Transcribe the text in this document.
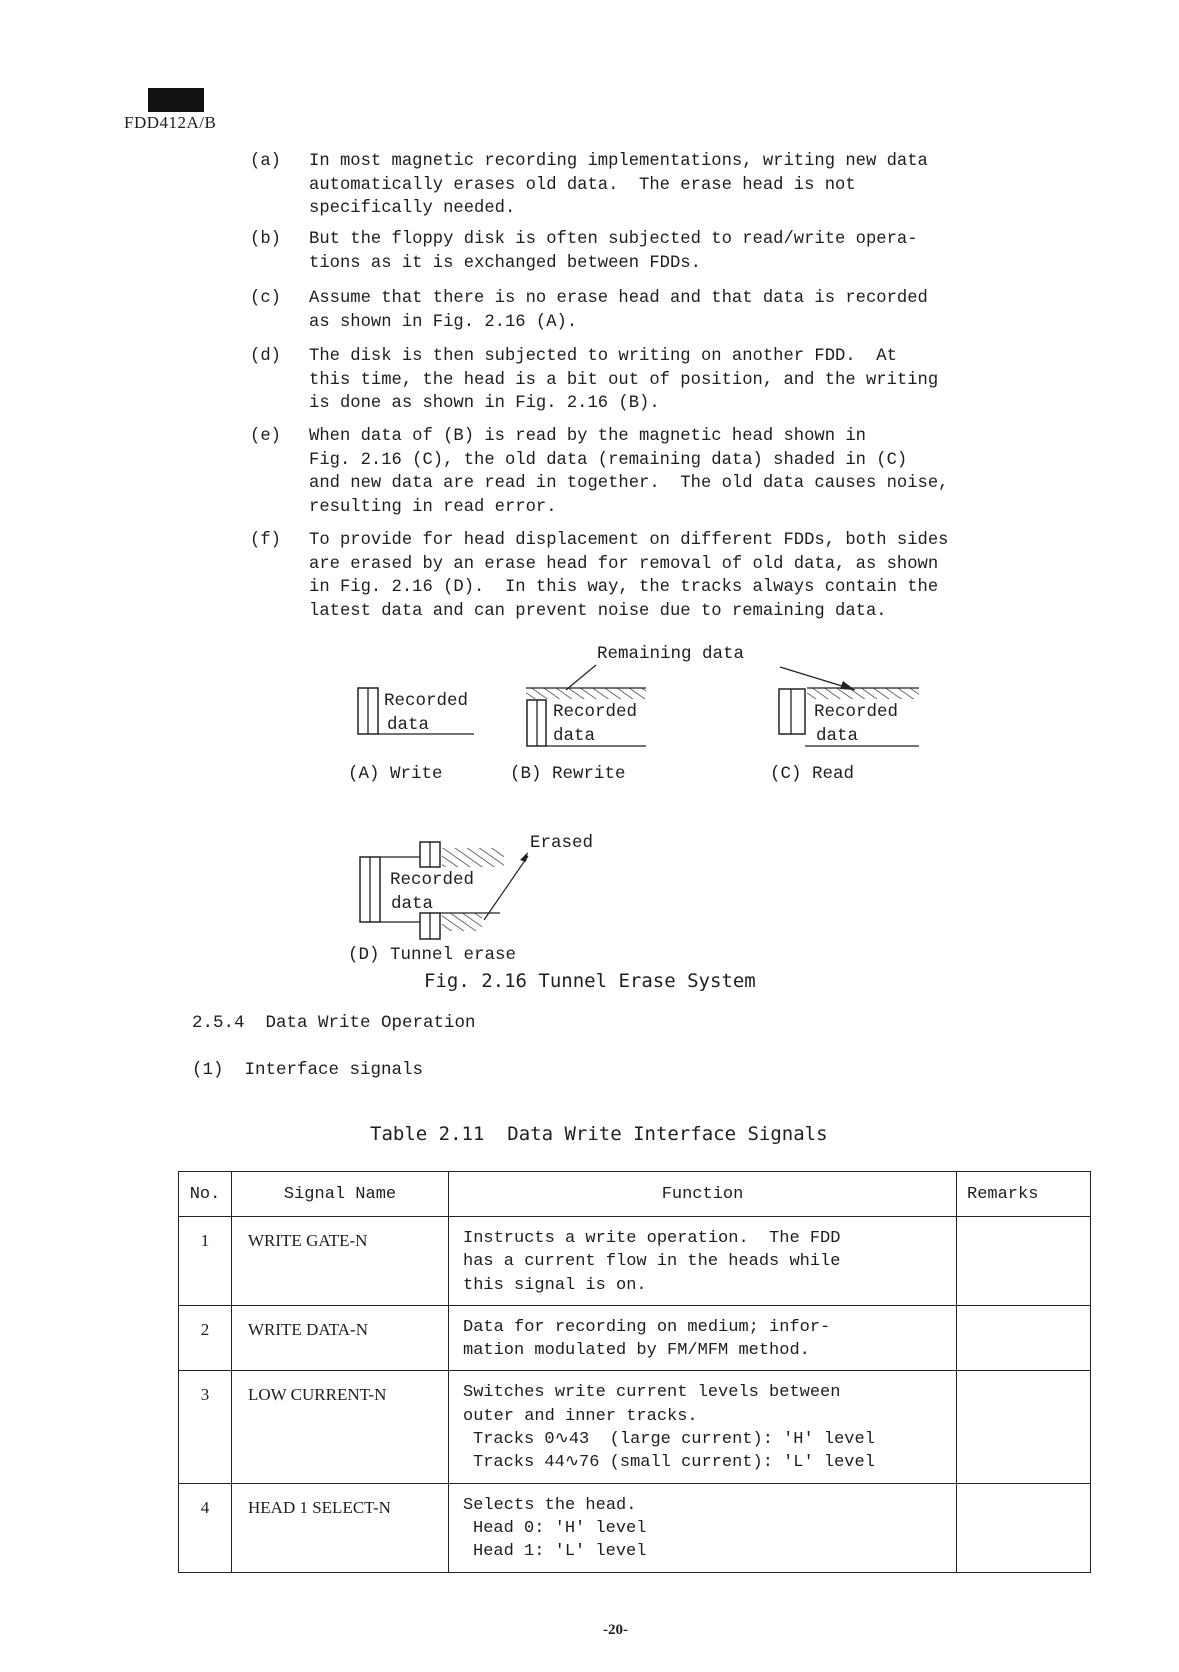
FDD412A/B
(a)	In most magnetic recording implementations, writing new data
automatically erases old data.  The erase head is not
specifically needed.
(b)	But the floppy disk is often subjected to read/write opera-
tions as it is exchanged between FDDs.
(c)	Assume that there is no erase head and that data is recorded
as shown in Fig. 2.16 (A).
(d)	The disk is then subjected to writing on another FDD.  At
this time, the head is a bit out of position, and the writing
is done as shown in Fig. 2.16 (B).
(e)	When data of (B) is read by the magnetic head shown in
Fig. 2.16 (C), the old data (remaining data) shaded in (C)
and new data are read in together.  The old data causes noise,
resulting in read error.
(f)	To provide for head displacement on different FDDs, both sides
are erased by an erase head for removal of old data, as shown
in Fig. 2.16 (D).  In this way, the tracks always contain the
latest data and can prevent noise due to remaining data.
Remaining data
Recorded
data
(A) Write
Recorded
data
(B) Rewrite
Recorded
data
(C) Read
Recorded
data
Erased
(D) Tunnel erase
Fig. 2.16 Tunnel Erase System
2.5.4  Data Write Operation
(1)  Interface signals
Table 2.11  Data Write Interface Signals
No.	Signal Name	Function	Remarks
1	WRITE GATE-N	Instructs a write operation.  The FDD
has a current flow in the heads while
this signal is on.	

2	WRITE DATA-N	Data for recording on medium; infor-
mation modulated by FM/MFM method.	

3	LOW CURRENT-N	Switches write current levels between
outer and inner tracks.
Tracks 0∿43  (large current): 'H' level
Tracks 44∿76 (small current): 'L' level	

4	HEAD 1 SELECT-N	Selects the head.
Head 0: 'H' level
Head 1: 'L' level	

-20-
